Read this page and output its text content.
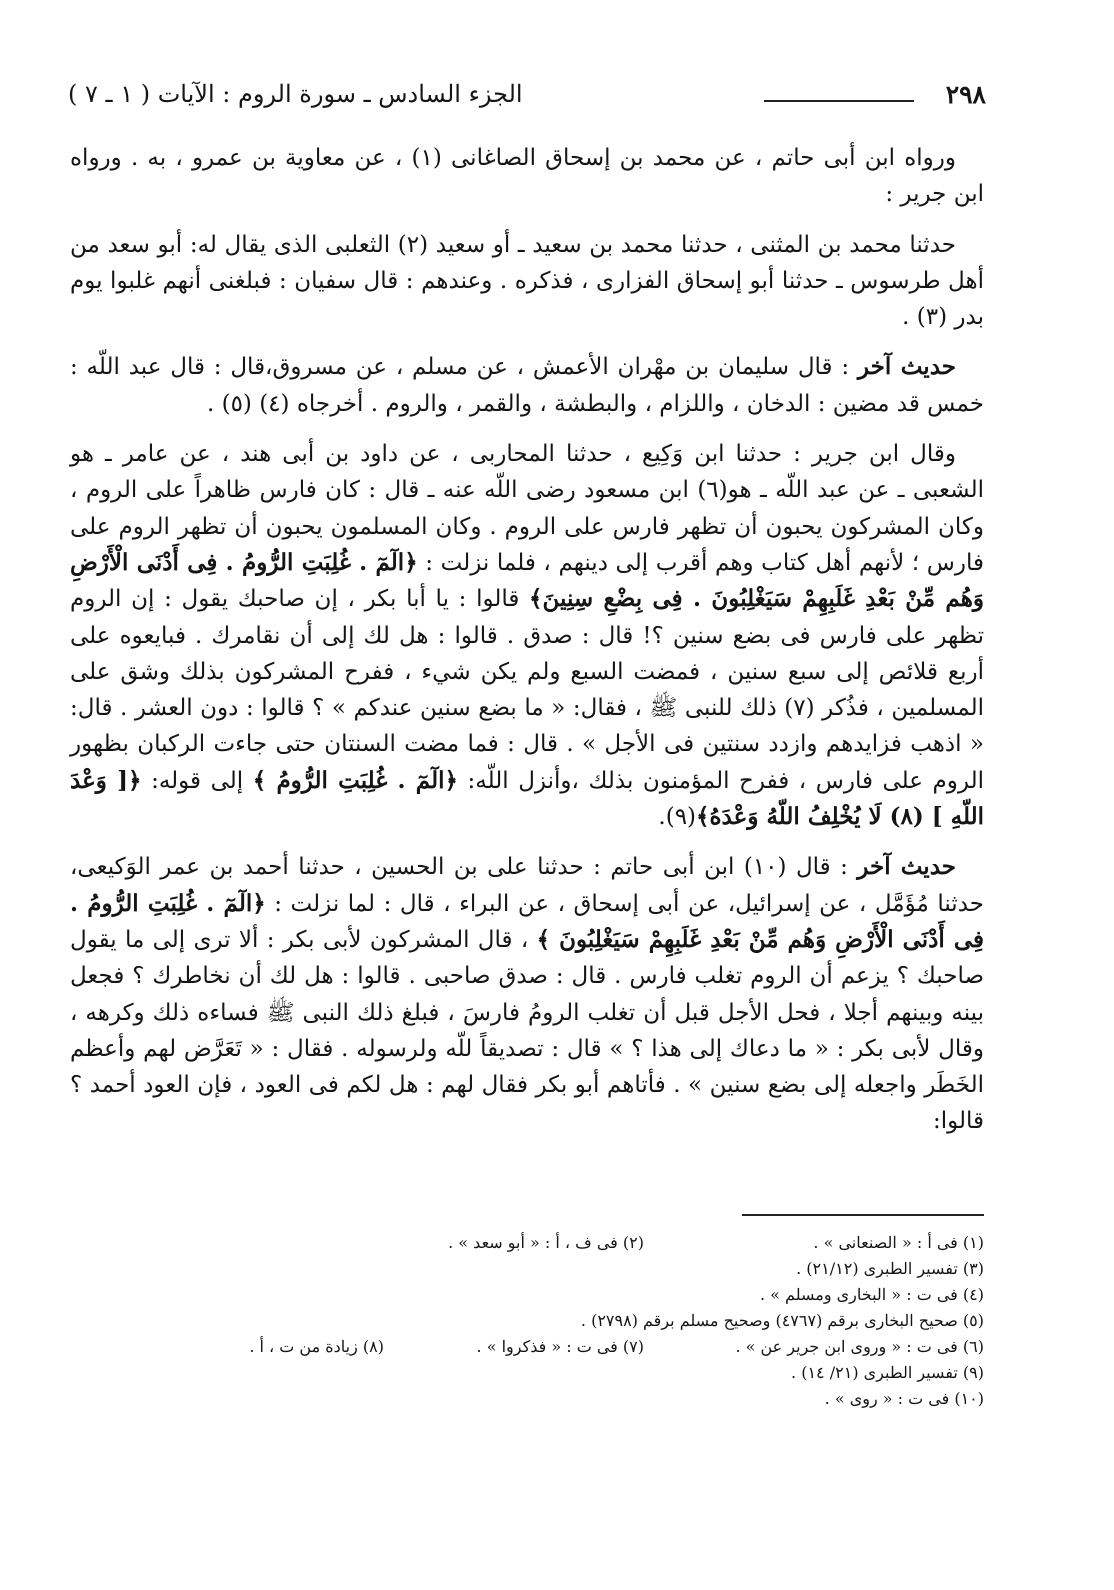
٢٩٨
الجزء السادس ـ سورة الروم : الآيات ( ١ ـ ٧ )

ورواه ابن أبى حاتم ، عن محمد بن إسحاق الصاغانى (١) ، عن معاوية بن عمرو ، به . ورواه ابن جرير :

حدثنا محمد بن المثنى ، حدثنا محمد بن سعيد ـ أو سعيد (٢) الثعلبى الذى يقال له: أبو سعد من أهل طرسوس ـ حدثنا أبو إسحاق الفزارى ، فذكره . وعندهم : قال سفيان : فبلغنى أنهم غلبوا يوم بدر (٣) .

حديث آخر : قال سليمان بن مهْران الأعمش ، عن مسلم ، عن مسروق،قال : قال عبد اللّه : خمس قد مضين : الدخان ، واللزام ، والبطشة ، والقمر ، والروم . أخرجاه (٤) (٥) .

وقال ابن جرير : حدثنا ابن وَكِيع ، حدثنا المحاربى ، عن داود بن أبى هند ، عن عامر ـ هو الشعبى ـ عن عبد اللّه ـ هو(٦) ابن مسعود رضى اللّه عنه ـ قال : كان فارس ظاهراً على الروم ، وكان المشركون يحبون أن تظهر فارس على الروم . وكان المسلمون يحبون أن تظهر الروم على فارس ؛ لأنهم أهل كتاب وهم أقرب إلى دينهم ، فلما نزلت : ﴿الٓمٓ . غُلِبَتِ الرُّومُ . فِى أَدْنَى الْأَرْضِ وَهُم مِّنْ بَعْدِ غَلَبِهِمْ سَيَغْلِبُونَ . فِى بِضْعِ سِنِينَ﴾ قالوا : يا أبا بكر ، إن صاحبك يقول : إن الروم تظهر على فارس فى بضع سنين ؟! قال : صدق . قالوا : هل لك إلى أن نقامرك . فبايعوه على أربع قلائص إلى سبع سنين ، فمضت السبع ولم يكن شيء ، ففرح المشركون بذلك وشق على المسلمين ، فذُكر (٧) ذلك للنبى ﷺ ، فقال: « ما بضع سنين عندكم » ؟ قالوا : دون العشر . قال: « اذهب فزايدهم وازدد سنتين فى الأجل » . قال : فما مضت السنتان حتى جاءت الركبان بظهور الروم على فارس ، ففرح المؤمنون بذلك ،وأنزل اللّه: ﴿الٓمٓ . غُلِبَتِ الرُّومُ ﴾ إلى قوله: ﴿[ وَعْدَ اللّهِ ] (٨) لَا يُخْلِفُ اللّهُ وَعْدَهُ﴾(٩).

حديث آخر : قال (١٠) ابن أبى حاتم : حدثنا على بن الحسين ، حدثنا أحمد بن عمر الوَكيعى، حدثنا مُؤَمَّل ، عن إسرائيل، عن أبى إسحاق ، عن البراء ، قال : لما نزلت : ﴿الٓمٓ . غُلِبَتِ الرُّومُ . فِى أَدْنَى الْأَرْضِ وَهُم مِّنْ بَعْدِ غَلَبِهِمْ سَيَغْلِبُونَ ﴾ ، قال المشركون لأبى بكر : ألا ترى إلى ما يقول صاحبك ؟ يزعم أن الروم تغلب فارس . قال : صدق صاحبى . قالوا : هل لك أن نخاطرك ؟ فجعل بينه وبينهم أجلا ، فحل الأجل قبل أن تغلب الرومُ فارسَ ، فبلغ ذلك النبى ﷺ فساءه ذلك وكرهه ، وقال لأبى بكر : « ما دعاك إلى هذا ؟ » قال : تصديقاً للّه ولرسوله . فقال : « تَعَرَّض لهم وأعظم الخَطَر واجعله إلى بضع سنين » . فأتاهم أبو بكر فقال لهم : هل لكم فى العود ، فإن العود أحمد ؟ قالوا:

(١) فى أ : « الصنعانى » .
(٢) فى ف ، أ : « أبو سعد » .
(٣) تفسير الطبرى (٢١/١٢) .
(٤) فى ت : « البخارى ومسلم » .
(٥) صحيح البخارى برقم (٤٧٦٧) وصحيح مسلم برقم (٢٧٩٨) .
(٦) فى ت : « وروى ابن جرير عن » .
(٧) فى ت : « فذكروا » .
(٨) زيادة من ت ، أ .
(٩) تفسير الطبرى (٢١/ ١٤) .
(١٠) فى ت : « روى » .
